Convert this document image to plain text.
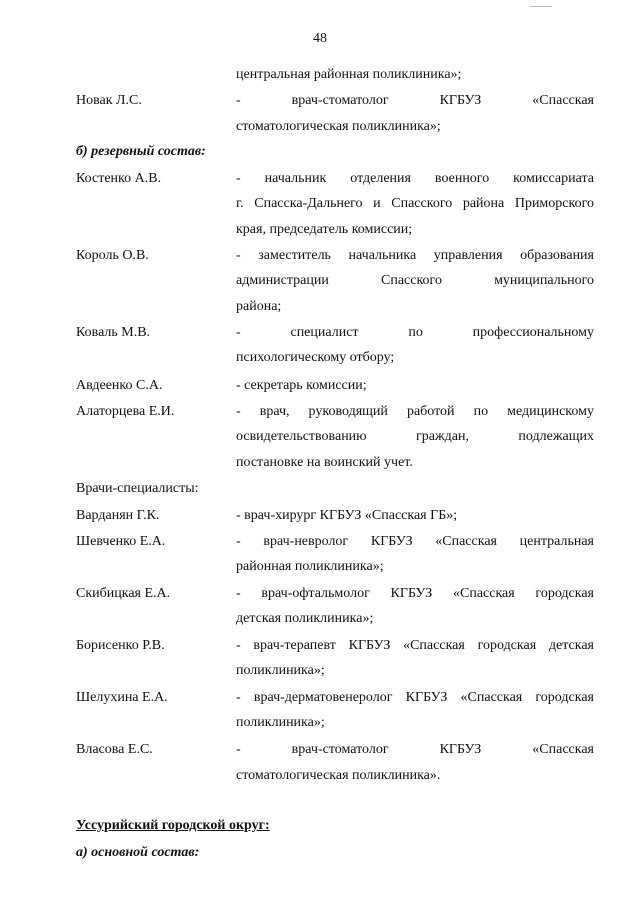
48
центральная районная поликлиника»;
Новак Л.С.	- врач-стоматолог КГБУЗ «Спасская
стоматологическая поликлиника»;
б) резервный состав:
Костенко А.В.	- начальник отделения военного комиссариата
г. Спасска-Дальнего и Спасского района Приморского
края, председатель комиссии;
Король О.В.	- заместитель начальника управления образования
администрации Спасского муниципального
района;
Коваль М.В.	- специалист по профессиональному
психологическому отбору;
Авдеенко С.А.	- секретарь комиссии;
Алаторцева Е.И.	- врач, руководящий работой по медицинскому
освидетельствованию граждан, подлежащих
постановке на воинский учет.
Врачи-специалисты:
Варданян Г.К.	- врач-хирург КГБУЗ «Спасская ГБ»;
Шевченко Е.А.	- врач-невролог КГБУЗ «Спасская центральная
районная поликлиника»;
Скибицкая Е.А.	- врач-офтальмолог КГБУЗ «Спасская городская
детская поликлиника»;
Борисенко Р.В.	- врач-терапевт КГБУЗ «Спасская городская детская
поликлиника»;
Шелухина Е.А.	- врач-дерматовенеролог КГБУЗ «Спасская городская
поликлиника»;
Власова Е.С.	- врач-стоматолог КГБУЗ «Спасская
стоматологическая поликлиника».
Уссурийский городской округ:
а) основной состав:
